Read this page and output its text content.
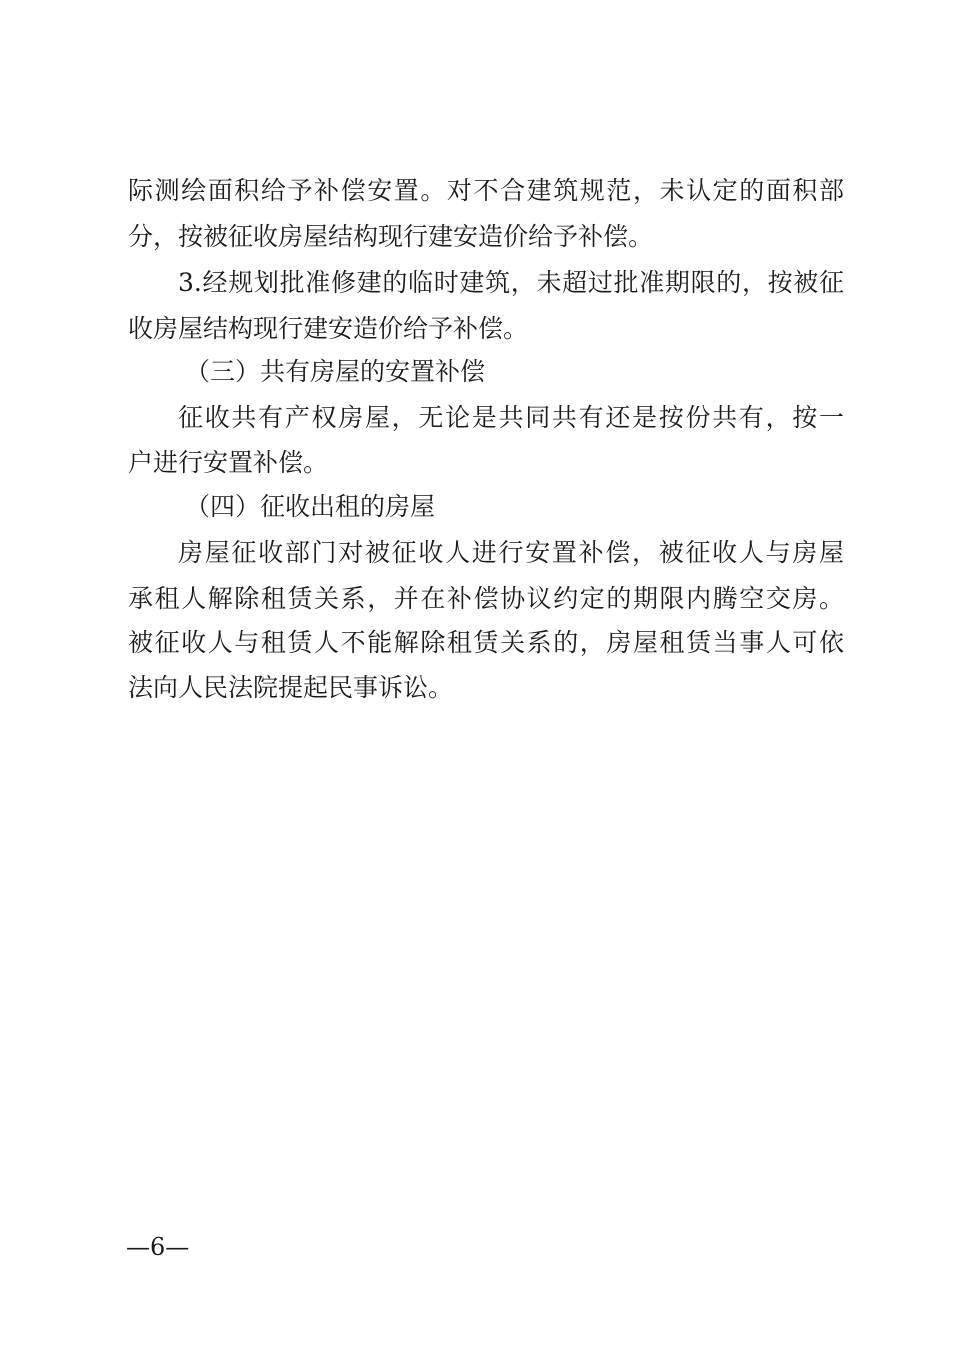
际测绘面积给予补偿安置。对不合建筑规范，未认定的面积部
分，按被征收房屋结构现行建安造价给予补偿。
3.经规划批准修建的临时建筑，未超过批准期限的，按被征
收房屋结构现行建安造价给予补偿。
（三）共有房屋的安置补偿
征收共有产权房屋，无论是共同共有还是按份共有，按一
户进行安置补偿。
（四）征收出租的房屋
房屋征收部门对被征收人进行安置补偿，被征收人与房屋
承租人解除租赁关系，并在补偿协议约定的期限内腾空交房。
被征收人与租赁人不能解除租赁关系的，房屋租赁当事人可依
法向人民法院提起民事诉讼。
—6—
